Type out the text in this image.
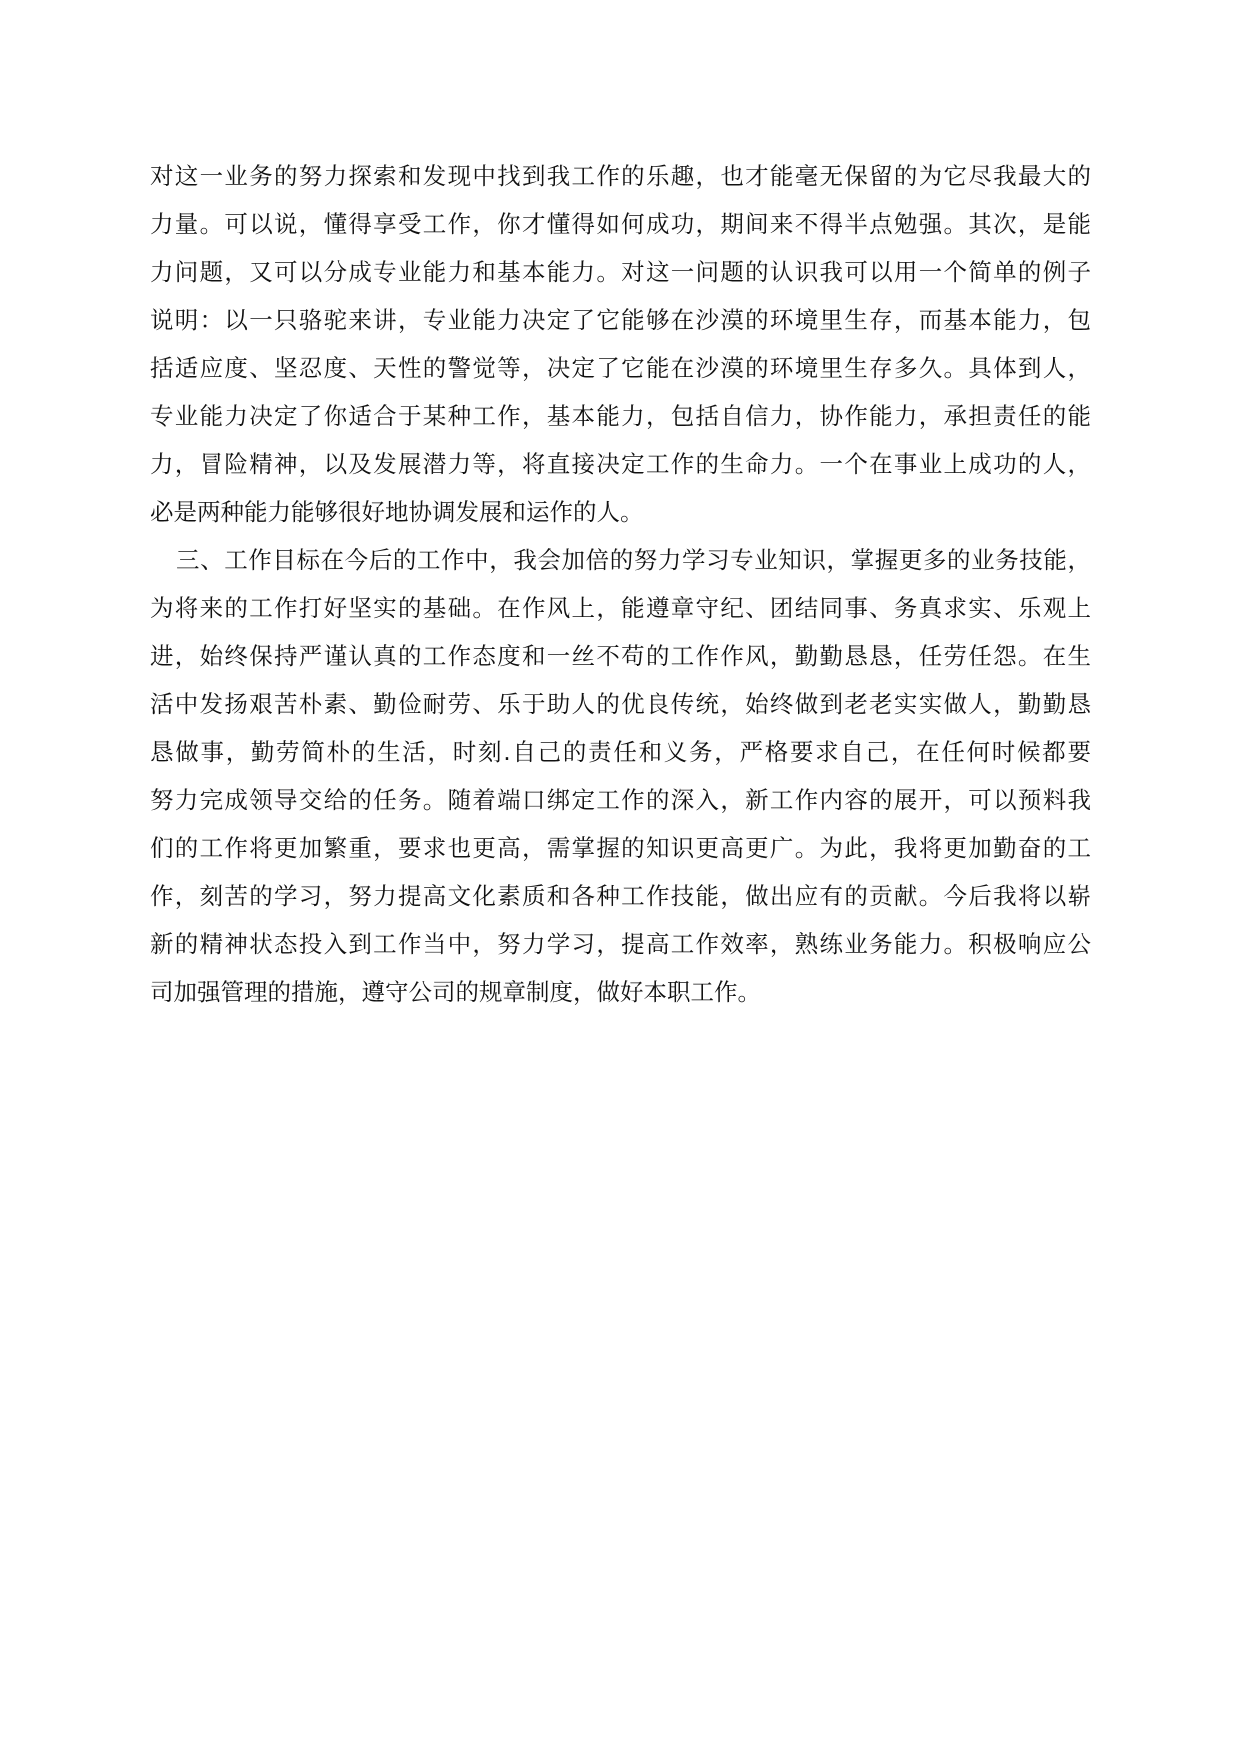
对这一业务的努力探索和发现中找到我工作的乐趣，也才能毫无保留的为它尽我最大的
力量。可以说，懂得享受工作，你才懂得如何成功，期间来不得半点勉强。其次，是能
力问题，又可以分成专业能力和基本能力。对这一问题的认识我可以用一个简单的例子
说明：以一只骆驼来讲，专业能力决定了它能够在沙漠的环境里生存，而基本能力，包
括适应度、坚忍度、天性的警觉等，决定了它能在沙漠的环境里生存多久。具体到人，
专业能力决定了你适合于某种工作，基本能力，包括自信力，协作能力，承担责任的能
力，冒险精神，以及发展潜力等，将直接决定工作的生命力。一个在事业上成功的人，
必是两种能力能够很好地协调发展和运作的人。
三、工作目标在今后的工作中，我会加倍的努力学习专业知识，掌握更多的业务技能，
为将来的工作打好坚实的基础。在作风上，能遵章守纪、团结同事、务真求实、乐观上
进，始终保持严谨认真的工作态度和一丝不苟的工作作风，勤勤恳恳，任劳任怨。在生
活中发扬艰苦朴素、勤俭耐劳、乐于助人的优良传统，始终做到老老实实做人，勤勤恳
恳做事，勤劳简朴的生活，时刻.自己的责任和义务，严格要求自己，在任何时候都要
努力完成领导交给的任务。随着端口绑定工作的深入，新工作内容的展开，可以预料我
们的工作将更加繁重，要求也更高，需掌握的知识更高更广。为此，我将更加勤奋的工
作，刻苦的学习，努力提高文化素质和各种工作技能，做出应有的贡献。今后我将以崭
新的精神状态投入到工作当中，努力学习，提高工作效率，熟练业务能力。积极响应公
司加强管理的措施，遵守公司的规章制度，做好本职工作。
